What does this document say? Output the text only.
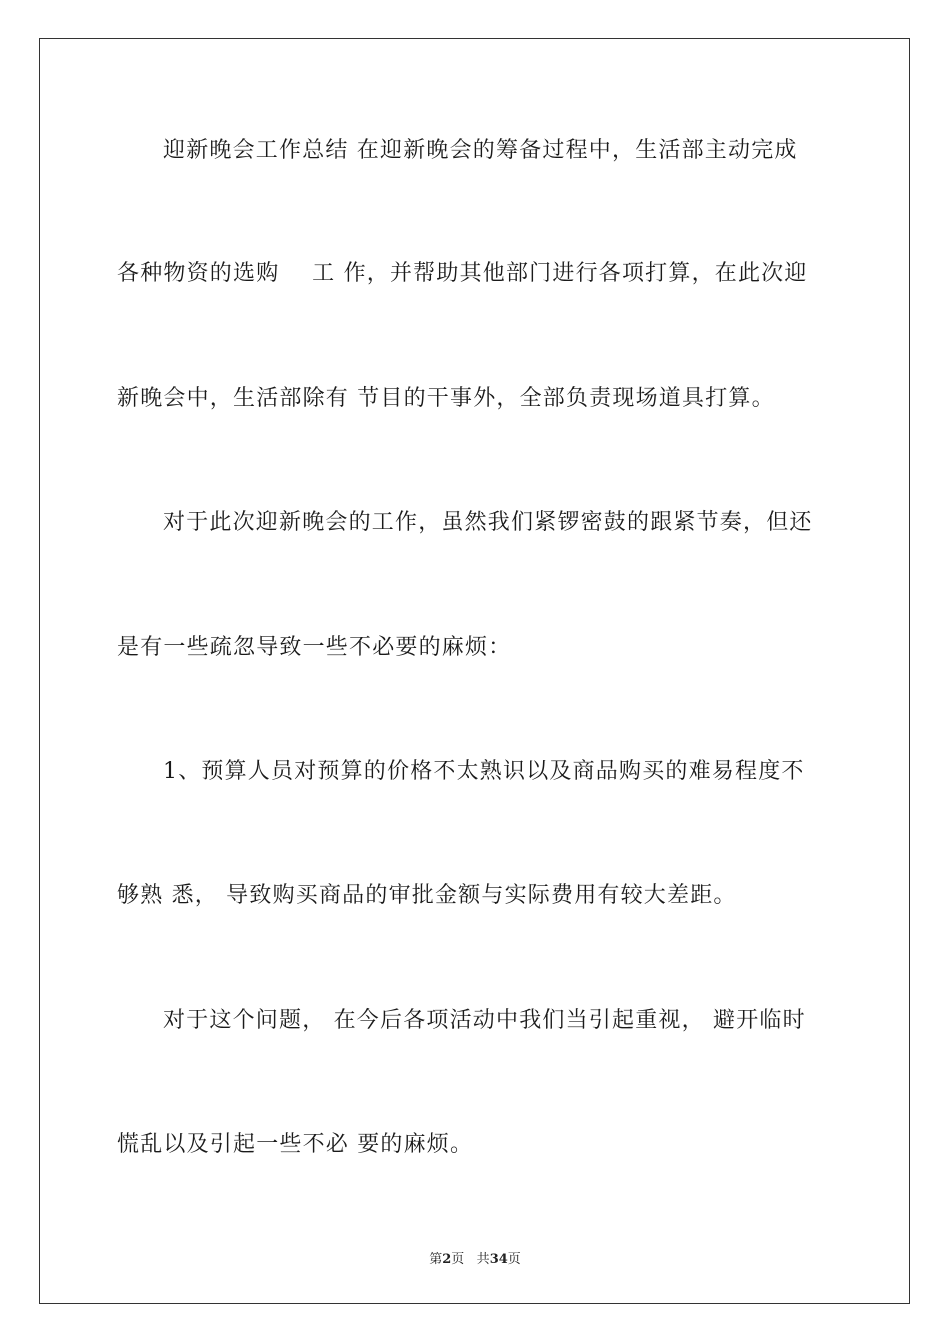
迎新晚会工作总结 在迎新晚会的筹备过程中，生活部主动完成
各种物资的选购    工 作，并帮助其他部门进行各项打算，在此次迎
新晚会中，生活部除有 节目的干事外，全部负责现场道具打算。
对于此次迎新晚会的工作，虽然我们紧锣密鼓的跟紧节奏，但还
是有一些疏忽导致一些不必要的麻烦：
1、预算人员对预算的价格不太熟识以及商品购买的难易程度不
够熟 悉， 导致购买商品的审批金额与实际费用有较大差距。
对于这个问题， 在今后各项活动中我们当引起重视， 避开临时
慌乱以及引起一些不必 要的麻烦。
第2页 共34页
